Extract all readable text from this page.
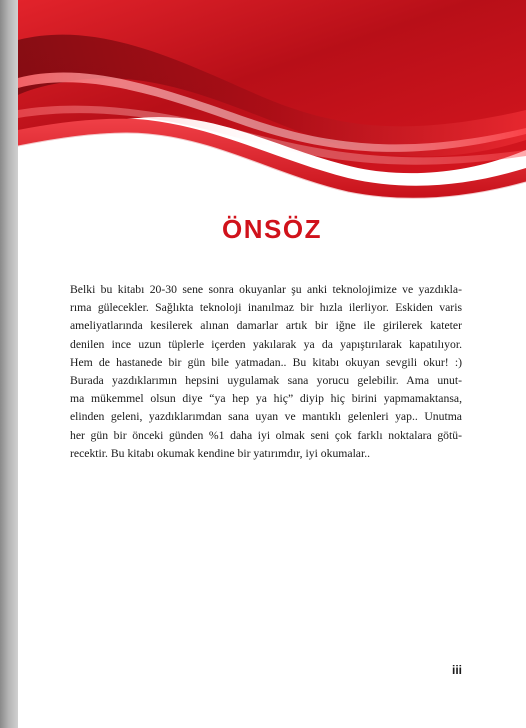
ÖNSÖZ
Belki bu kitabı 20-30 sene sonra okuyanlar şu anki teknolojimize ve yazdıkla-
rıma gülecekler. Sağlıkta teknoloji inanılmaz bir hızla ilerliyor. Eskiden varis
ameliyatlarında kesilerek alınan damarlar artık bir iğne ile girilerek kateter
denilen ince uzun tüplerle içerden yakılarak ya da yapıştırılarak kapatılıyor.
Hem de hastanede bir gün bile yatmadan.. Bu kitabı okuyan sevgili okur! :)
Burada yazdıklarımın hepsini uygulamak sana yorucu gelebilir. Ama unut-
ma mükemmel olsun diye “ya hep ya hiç” diyip hiç birini yapmamaktansa,
elinden geleni, yazdıklarımdan sana uyan ve mantıklı gelenleri yap.. Unutma
her gün bir önceki günden %1 daha iyi olmak seni çok farklı noktalara götü-
recektir. Bu kitabı okumak kendine bir yatırımdır, iyi okumalar..
iii
